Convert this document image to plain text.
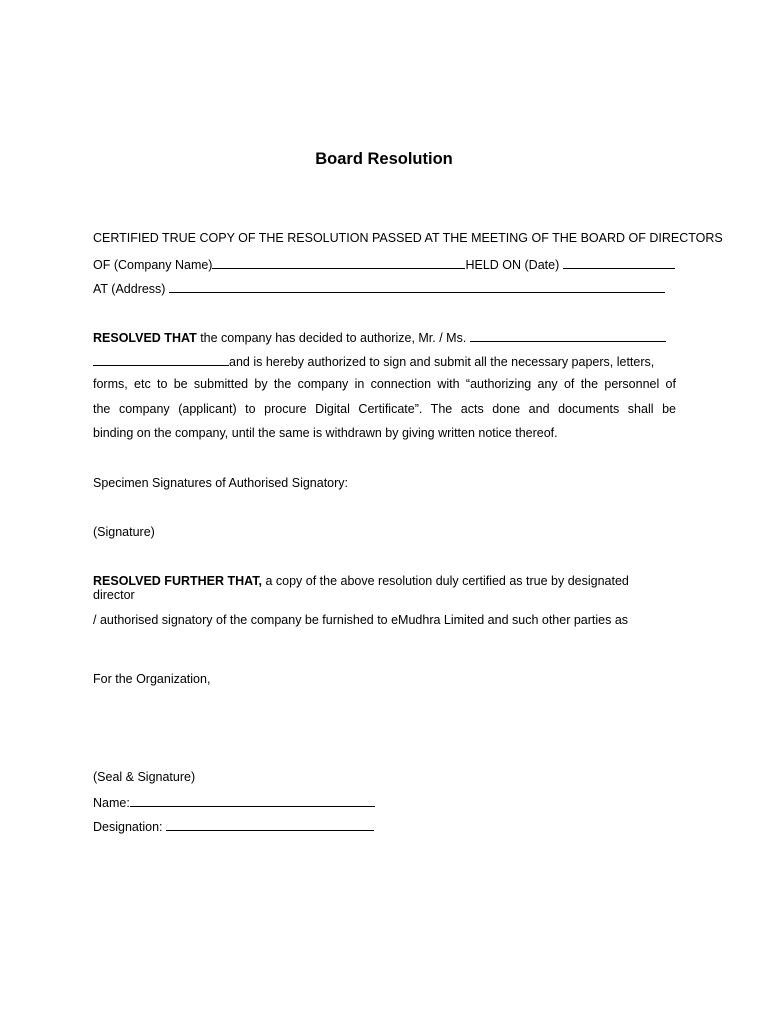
Board Resolution
CERTIFIED TRUE COPY OF THE RESOLUTION PASSED AT THE MEETING OF THE BOARD OF DIRECTORS
OF (Company Name)	HELD ON (Date)
AT (Address)
RESOLVED THAT the company has decided to authorize, Mr. / Ms.
and is hereby authorized to sign and submit all the necessary papers, letters,
forms, etc to be submitted by the company in connection with “authorizing any of the personnel of
the company (applicant) to procure Digital Certificate”. The acts done and documents shall be
binding on the company, until the same is withdrawn by giving written notice thereof.
Specimen Signatures of Authorised Signatory:
(Signature)
RESOLVED FURTHER THAT, a copy of the above resolution duly certified as true by designated
director
/ authorised signatory of the company be furnished to eMudhra Limited and such other parties as
For the Organization,
(Seal & Signature)
Name:
Designation:
